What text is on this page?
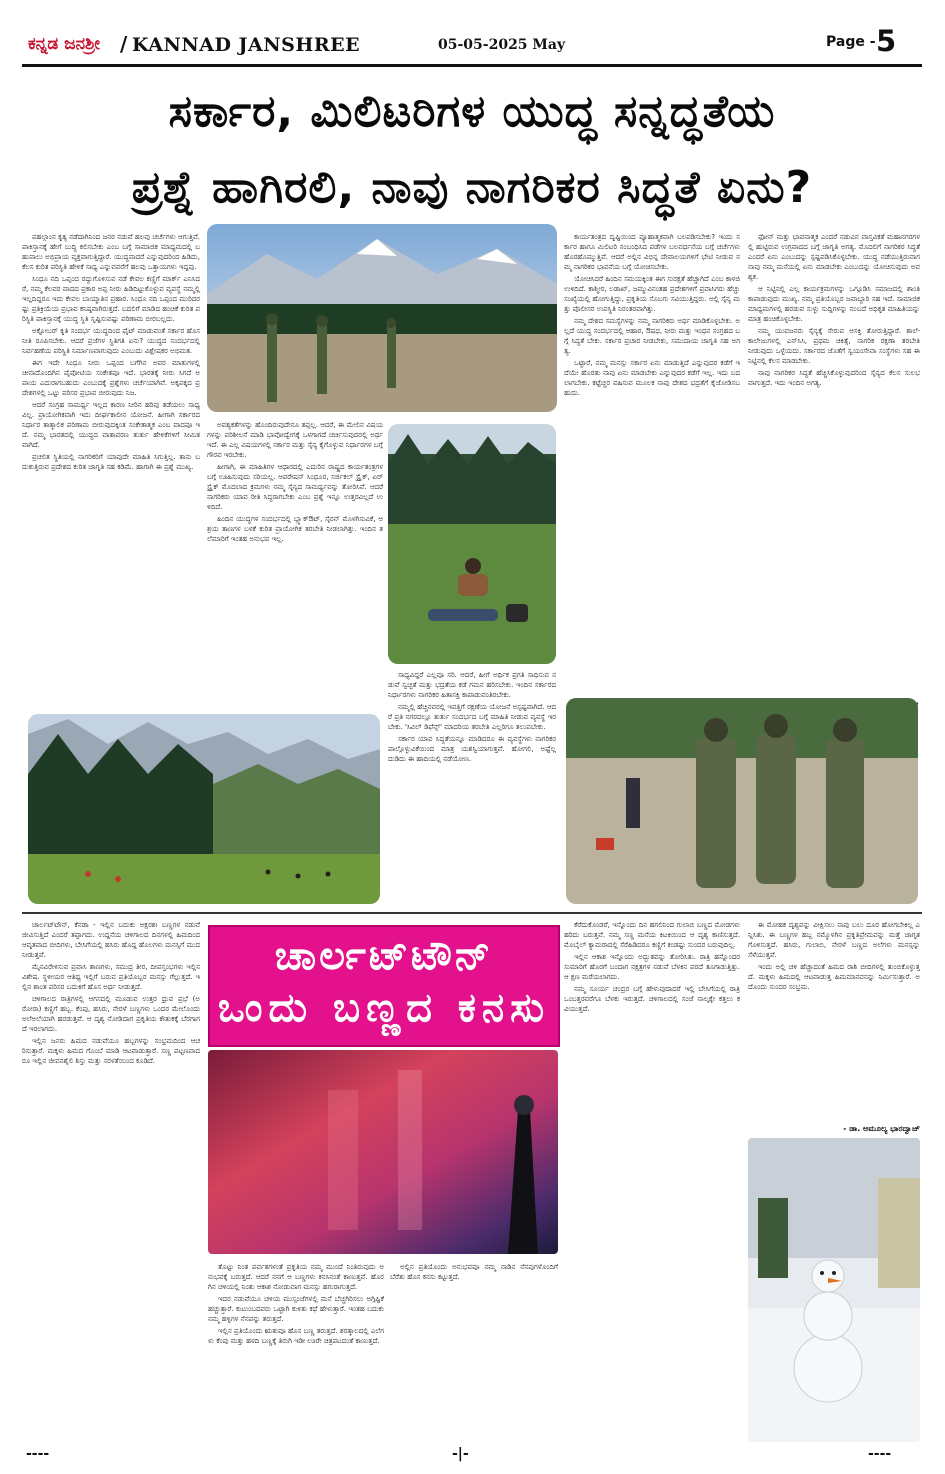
ಕನ್ನಡ ಜನಶ್ರೀ / KANNAD JANSHREE	05-05-2025 May	Page - 5
ಸರ್ಕಾರ, ಮಿಲಿಟರಿಗಳ ಯುದ್ಧ ಸನ್ನದ್ಧತೆಯ
ಪ್ರಶ್ನೆ ಹಾಗಿರಲಿ, ನಾವು ನಾಗರಿಕರ ಸಿದ್ಧತೆ ಏನು?

ಪಹಲ್ಗಾಂನ ಕೃತ್ಯ ನಡೆದಾಗಿನಿಂದ ಜನರ ನಡುವೆ ಹಲವು ಚರ್ಚೆಗಳು ಆಗುತ್ತಿವೆ. ಪಾಕಿಸ್ತಾನಕ್ಕೆ ಹೇಗೆ ಬುದ್ಧಿ ಕಲಿಸಬೇಕು ಎಂಬ ಬಗ್ಗೆ ಸಾಮಾಜಿಕ ಮಾಧ್ಯಮದಲ್ಲಿ ಬಹುಪಾಲು ಅಭಿಪ್ರಾಯ ವ್ಯಕ್ತವಾಗುತ್ತಿದ್ದಾರೆ. ಯುದ್ಧವಾದರೆ ಎನ್ನುವುದರಿಂದ ಹಿಡಿದು, ಕೆಲಸ ಕುರಿತ ಪರಿಸ್ಥಿತಿ ಹೇಳಿಕೆ ಸಾಧ್ಯ ಎನ್ನುವವರೆಗೆ ಹಲವು ಒತ್ತಾಯಗಳು ಇದ್ದವು.

ಸಿಂಧೂ ನದಿ ಒಪ್ಪಂದ ರದ್ದುಗೊಳಿಸುವ ನಡೆ ಕೇವಲ ಕಣ್ಣಿಗೆ ಮಾರ್ಕ್ ಎನಿಸಿದರೆ, ನಮ್ಮ ಕೆಲವರ ವಾದದ ಪ್ರಕಾರ ಅಪ್ಪ ನೀರು ಹಿಡಿದಿಟ್ಟುಕೊಳ್ಳುವ ವ್ಯವಸ್ಥೆ ನಮ್ಮಲ್ಲಿ ಇಲ್ಲದಿದ್ದರೂ ಇದು ಕೇವಲ ಬಾಯ್ಮಾತಿನ ಪ್ರಹಾರ. ಸಿಂಧೂ ನದಿ ಒಪ್ಪಂದ ಮುರಿದರಷ್ಟು ಪ್ರತಿಕ್ರಿಯೆಯ ಪ್ರಭಾವ ಕನಿಷ್ಠವಾಗಿರುತ್ತದೆ. ಬದಲಿಗೆ ಮಾಡಿದ ಹಂಚಿಕೆ ಕುರಿತ ಪರಿಸ್ಥಿತಿ ಪಾಕಿಸ್ತಾನಕ್ಕೆ ಯುದ್ಧ ಸ್ಥಿತಿ ಸೃಷ್ಟಿಸುವಷ್ಟು ಪರಿಣಾಮ ಬೀರಬಲ್ಲದು.

ಅಕ್ಟೋಬರ್ ಕೃತಿ ಸಂದರ್ಭ ಯುದ್ಧದಿಂದ ಫೈಟ್ ಮಾಡುವಂತೆ ಸರ್ಕಾರ ಹೊಸ ನೀತಿ ರೂಪಿಸಬೇಕು. ಆದರೆ ಪ್ರಜೆಗಳ ಸ್ಥಿತಿಗತಿ ಏನು? ಯುದ್ಧದ ಸಂದರ್ಭದಲ್ಲಿ ನಿರ್ವಹಣೆಯ ಪರಿಸ್ಥಿತಿ ನಿರ್ಮಾಣವಾಗುವುದು ಎಂಬುದು ವಿಶ್ಲೇಷಕರ ಅಭಿಮತ.

ಈಗ ಇದೇ ಸಿಂಧೂ ನೀರು ಒಪ್ಪಂದ ಬಗೆಗಿನ ಅವರ ಮಾತುಗಳಲ್ಲಿ ಚೀನಾದೊಂದಿಗಿನ ಪೈಪೋಟಿಯ ಸಂಕೇತವೂ ಇದೆ. ಭಾರತಕ್ಕೆ ನೀರು ಸಿಗದೆ ಅಪಾಯ ಎದುರಾಗಬಹುದು ಎಂಬುದಕ್ಕೆ ಪ್ರಶ್ನೆಗಳು ಚರ್ಚೆಯಾಗಿವೆ. ಅಕ್ಕಪಕ್ಕದ ಪ್ರದೇಶಗಳಲ್ಲಿ ಒಟ್ಟು ಪರಿಸರ ಪ್ರಭಾವ ಬೀರುವುದು ನಿಜ.

ಆದರೆ ಸಂಗ್ರಹ ಸಾಮರ್ಥ್ಯ ಇಲ್ಲದ ಕಾರಣ ನೀರಿನ ಹರಿವು ತಡೆಯಲು ಸಾಧ್ಯವಿಲ್ಲ. ಪ್ರಾಯೋಗಿಕವಾಗಿ ಇದು ದೀರ್ಘಕಾಲೀನ ಯೋಜನೆ. ಹೀಗಾಗಿ ಸರ್ಕಾರದ ನಿರ್ಧಾರ ತಾತ್ಕಾಲಿಕ ಪರಿಣಾಮ ಬೀರುವುದಕ್ಕಿಂತ ಸಂಕೇತಾತ್ಮಕ ಎಂಬ ವಾದವೂ ಇದೆ. ನಮ್ಮ ಭಾರತದಲ್ಲಿ ಯುದ್ಧದ ವಾತಾವರಣ ತುರ್ತು ಹೇಳಿಕೆಗಳಿಗೆ ಸೀಮಿತವಾಗಿದೆ.

ಪ್ರಚಲಿತ ಸ್ಥಿತಿಯಲ್ಲಿ ನಾಗರಿಕರಿಗೆ ಯಾವುದೇ ಮಾಹಿತಿ ಸಿಗುತ್ತಿಲ್ಲ. ತಾನು ಬದುಕುತ್ತಿರುವ ಪ್ರದೇಶದ ಕುರಿತ ಜಾಗೃತಿ ಸಹ ಕಡಿಮೆ. ಹಾಗಾಗಿ ಈ ಪ್ರಶ್ನೆ ಮುಖ್ಯ.

ಕಾರ್ಯತಂತ್ರದ ದೃಷ್ಟಿಯಿಂದ ವ್ಯೂಹಾತ್ಮಕವಾಗಿ ಬಲಪಡಿಸಬೇಕು? ಇಂದು ಸರ್ಕಾರ ಹಾಗೂ ಮಿಲಿಟರಿ ಸಂಬಂಧಿಸಿದ ಪಡೆಗಳ ಬಲವರ್ಧನೆಯ ಬಗ್ಗೆ ಚರ್ಚೆಗಳು ಹೊರಹೊಮ್ಮುತ್ತಿವೆ. ಆದರೆ ಅಲ್ಲಿನ ವಿಭಿನ್ನ ದೇವಾಲಯಗಳಿಗೆ ಭೇಟಿ ನೀಡುವ ನಮ್ಮ ನಾಗರಿಕರ ಭಾವನೆಯ ಬಗ್ಗೆ ಯೋಚಿಸಬೇಕು.

ಯೋಚಿಸಿದರೆ ಹಿಂದಿನ ಸಮಯಕ್ಕಿಂತ ಈಗ ಸುರಕ್ಷತೆ ಹೆಚ್ಚಾಗಿದೆ ಎಂಬ ಕಾಳಜಿ ಉಳಿದಿದೆ. ಕಾಶ್ಮೀರ, ಲಡಾಖ್, ಜಮ್ಮುವಿನಂತಹ ಪ್ರದೇಶಗಳಿಗೆ ಪ್ರವಾಸಿಗರು ಹೆಚ್ಚು ಸಂಖ್ಯೆಯಲ್ಲಿ ಹೋಗುತ್ತಿದ್ದು, ಪ್ರಕೃತಿಯ ಸೊಬಗು ಸವಿಯುತ್ತಿದ್ದರು. ಅಲ್ಲಿ ಸೈನ್ಯ ಮತ್ತು ಪೊಲೀಸರ ಉಪಸ್ಥಿತಿ ನಿರಂತರವಾಗಿತ್ತು.

ನಮ್ಮ ದೇಶದ ಸಮಸ್ಯೆಗಳನ್ನು ನಮ್ಮ ನಾಗರಿಕರು ಅರ್ಥ ಮಾಡಿಕೊಳ್ಳಬೇಕು. ಅಲ್ಲದೆ ಯುದ್ಧ ಸಂದರ್ಭದಲ್ಲಿ ಆಹಾರ, ಔಷಧ, ನೀರು ಮತ್ತು ಇಂಧನ ಸಂಗ್ರಹದ ಬಗ್ಗೆ ಸಿದ್ಧತೆ ಬೇಕು. ಸರ್ಕಾರ ಪ್ರಚಾರ ನೀಡಬೇಕು, ಸಮುದಾಯ ಜಾಗೃತಿ ಸಹ ಅಗತ್ಯ.

ಒಟ್ಟಾರೆ, ನಮ್ಮ ಮನಸ್ಸು ಸರ್ಕಾರ ಏನು ಮಾಡುತ್ತಿದೆ ಎನ್ನುವುದರ ಕಡೆಗೆ ಇದೆಯೇ ಹೊರತು ನಾವು ಏನು ಮಾಡಬೇಕು ಎನ್ನುವುದರ ಕಡೆಗೆ ಇಲ್ಲ. ಇದು ಬದಲಾಗಬೇಕು. ಕಟ್ಟೆಚ್ಚರ ವಹಿಸುವ ಮೂಲಕ ನಾವು ದೇಶದ ಭದ್ರತೆಗೆ ಕೈಜೋಡಿಸಬಹುದು.

ಫೋನ್ ಮತ್ತು ಭಾವನಾತ್ಮಕ ಎಂದರೆ ನಡುವಿನ ವಾಸ್ತವಿಕತೆ ಮಹಾನಗರಗಳಲ್ಲಿ ಹುಟ್ಟಿರುವ ಉಗ್ರವಾದದ ಬಗ್ಗೆ ಜಾಗೃತಿ ಅಗತ್ಯ. ಮೊದಲಿಗೆ ನಾಗರಿಕರ ಸಿದ್ಧತೆ ಎಂದರೆ ಏನು ಎಂಬುದನ್ನು ಸ್ಪಷ್ಟಪಡಿಸಿಕೊಳ್ಳಬೇಕು. ಯುದ್ಧ ನಡೆಯುತ್ತಿರುವಾಗ ನಾವು ನಮ್ಮ ಮನೆಯಲ್ಲಿ ಏನು ಮಾಡಬೇಕು ಎಂಬುದನ್ನು ಯೋಚಿಸುವುದು ಅವಶ್ಯಕ.

ಆ ನಿಟ್ಟಿನಲ್ಲಿ ಎಲ್ಲ ಕಾರ್ಯಕ್ರಮಗಳನ್ನು ಒಗ್ಗೂಡಿಸಿ ಸಮಾಜದಲ್ಲಿ ಶಾಂತಿ ಕಾಪಾಡುವುದು ಮುಖ್ಯ. ನಮ್ಮ ಪ್ರತಿಯೊಬ್ಬರ ಜವಾಬ್ದಾರಿ ಸಹ ಇದೆ. ಸಾಮಾಜಿಕ ಮಾಧ್ಯಮಗಳಲ್ಲಿ ಹರಡುವ ಸುಳ್ಳು ಸುದ್ದಿಗಳನ್ನು ನಂಬದೆ ಅಧಿಕೃತ ಮಾಹಿತಿಯನ್ನು ಮಾತ್ರ ಹಂಚಿಕೊಳ್ಳಬೇಕು.

ನಮ್ಮ ಯುವಜನರು ಸೈನ್ಯಕ್ಕೆ ಸೇರುವ ಆಸಕ್ತಿ ತೋರುತ್ತಿದ್ದಾರೆ. ಶಾಲೆ-ಕಾಲೇಜುಗಳಲ್ಲಿ ಎನ್‌ಸಿಸಿ, ಪ್ರಥಮ ಚಿಕಿತ್ಸೆ, ನಾಗರಿಕ ರಕ್ಷಣಾ ತರಬೇತಿ ನೀಡುವುದು ಒಳ್ಳೆಯದು. ಸರ್ಕಾರದ ಜೊತೆಗೆ ಸ್ವಯಂಸೇವಾ ಸಂಸ್ಥೆಗಳು ಸಹ ಈ ನಿಟ್ಟಿನಲ್ಲಿ ಕೆಲಸ ಮಾಡಬೇಕು.

ನಾವು ನಾಗರಿಕರ ಸಿದ್ಧತೆ ಹೆಚ್ಚಿಸಿಕೊಳ್ಳುವುದರಿಂದ ಸೈನ್ಯದ ಕೆಲಸ ಸುಲಭವಾಗುತ್ತದೆ. ಇದು ಇಂದಿನ ಅಗತ್ಯ.

ಅವಶ್ಯಕತೆಗಳನ್ನು ಹೊಂದಿರುವುದೇನೂ ತಪ್ಪಲ್ಲ. ಆದರೆ, ಈ ಮೇಲಿನ ವಿಷಯಗಳನ್ನು ಪರಿಶೀಲನೆ ಮಾಡಿ ಭಾವೋದ್ವೇಗಕ್ಕೆ ಒಳಗಾಗದೆ ಚರ್ಚಿಸುವುದರಲ್ಲಿ ಅರ್ಥ ಇದೆ. ಈ ಎಲ್ಲ ವಿಷಯಗಳಲ್ಲಿ ಸರ್ಕಾರ ಮತ್ತು ಸೈನ್ಯ ಕೈಗೊಳ್ಳುವ ನಿರ್ಧಾರಗಳ ಬಗ್ಗೆ ಗೌರವ ಇರಬೇಕು.

ಹೀಗಾಗಿ, ಈ ಮಾಹಿತಿಗಳ ಆಧಾರದಲ್ಲಿ ಎದುರಿನ ರಾಷ್ಟ್ರದ ಕಾರ್ಯತಂತ್ರಗಳ ಬಗ್ಗೆ ಊಹಿಸುವುದು ಸರಿಯಲ್ಲ. ಆಪರೇಷನ್ ಸಿಂಧೂರ, ಸರ್ಜಿಕಲ್ ಸ್ಟ್ರೈಕ್, ಏರ್ ಸ್ಟ್ರೈಕ್ ಮೊದಲಾದ ಕ್ರಮಗಳು ನಮ್ಮ ಸೈನ್ಯದ ಸಾಮರ್ಥ್ಯವನ್ನು ತೋರಿಸಿವೆ. ಆದರೆ ನಾಗರಿಕರು ಯಾವ ರೀತಿ ಸಿದ್ಧರಾಗಬೇಕು ಎಂಬ ಪ್ರಶ್ನೆ ಇನ್ನೂ ಉತ್ತರವಿಲ್ಲದೆ ಉಳಿದಿದೆ.

ಹಿಂದಿನ ಯುದ್ಧಗಳ ಸಂದರ್ಭದಲ್ಲಿ ಬ್ಲ್ಯಾಕ್‌ಔಟ್, ಸೈರನ್ ಮೊಳಗಿಸುವಿಕೆ, ಆಶ್ರಯ ತಾಣಗಳ ಬಳಕೆ ಕುರಿತ ಪ್ರಾಯೋಗಿಕ ತರಬೇತಿ ನೀಡಲಾಗಿತ್ತು. ಇಂದಿನ ತಲೆಮಾರಿಗೆ ಇಂತಹ ಅನುಭವ ಇಲ್ಲ.

ಸಾಧ್ಯವಿದ್ದರೆ ಎಲ್ಲವೂ ಸರಿ. ಆದರೆ, ಹೀಗೆ ಅರ್ಥಿಕ ಪ್ರಗತಿ ಸಾಧಿಸುವ ನಡುವೆ ಸ್ವಚ್ಛತೆ ಮತ್ತು ಭದ್ರತೆಯ ಕಡೆ ಗಮನ ಹರಿಸಬೇಕು. ಇಂದಿನ ಸರ್ಕಾರದ ನಿರ್ಧಾರಗಳು ನಾಗರಿಕರ ಹಿತಾಸಕ್ತಿ ಕಾಪಾಡುವಂತಿರಬೇಕು.

ನಮ್ಮಲ್ಲಿ ಹೆಚ್ಚಿನವರಲ್ಲಿ ಇವತ್ತಿಗೆ ರಕ್ಷಣೆಯ ಯೋಜನೆ ಅಸ್ಪಷ್ಟವಾಗಿದೆ. ಆದರೆ ಪ್ರತಿ ನಗರದಲ್ಲೂ ತುರ್ತು ಸಂದರ್ಭದ ಬಗ್ಗೆ ಮಾಹಿತಿ ನೀಡುವ ವ್ಯವಸ್ಥೆ ಇರಬೇಕು. 'ಸಿವಿಲ್ ಡಿಫೆನ್ಸ್' ಮಾದರಿಯ ತರಬೇತಿ ಎಲ್ಲರಿಗೂ ತಲುಪಬೇಕು.

ಸರ್ಕಾರ ಯಾವ ಸಿದ್ಧತೆಯನ್ನೂ ಮಾಡಿದರೂ ಈ ವ್ಯವಸ್ಥೆಗಳು ನಾಗರಿಕರ ಪಾಲ್ಗೊಳ್ಳುವಿಕೆಯಿಂದ ಮಾತ್ರ ಯಶಸ್ವಿಯಾಗುತ್ತವೆ. ಹೋಗಲಿ, ಅಷ್ಟೆಲ್ಲ ದುಡಿದು ಈ ಹಾದಿಯಲ್ಲಿ ನಡೆಯೋಣ.

ಚಾರ್ಲಟ್‌ಟೌನ್, ಕೆನಡಾ - ಇಲ್ಲಿನ ಬದುಕು ಅಕ್ಷರಶಃ ಬಣ್ಣಗಳ ನಡುವೆ ಜೀವಿಸುತ್ತಿದೆ ಎಂದರೆ ತಪ್ಪಾಗದು. ಉದ್ದನೆಯ ಚಳಿಗಾಲದ ದಿನಗಳಲ್ಲಿ ಹಿಮದಿಂದ ಆವೃತವಾದ ಬೀದಿಗಳು, ಬೇಸಿಗೆಯಲ್ಲಿ ಹಸಿರು ಹೊದ್ದ ಹೊಲಗಳು ಮನಸ್ಸಿಗೆ ಮುದ ನೀಡುತ್ತವೆ.

ಮೈನವಿರೇಳಿಸುವ ಪ್ರವಾಸಿ ತಾಣಗಳು, ಸಮುದ್ರ ತೀರ, ದೀಪಸ್ತಂಭಗಳು ಇಲ್ಲಿನ ವಿಶೇಷ. ಸ್ಥಳೀಯರ ಆತಿಥ್ಯ ಇಲ್ಲಿಗೆ ಬರುವ ಪ್ರತಿಯೊಬ್ಬರ ಮನಸ್ಸು ಗೆಲ್ಲುತ್ತದೆ. ಇಲ್ಲಿನ ಶಾಂತ ಪರಿಸರ ಬದುಕಿಗೆ ಹೊಸ ಅರ್ಥ ನೀಡುತ್ತದೆ.

ಚಳಿಗಾಲದ ರಾತ್ರಿಗಳಲ್ಲಿ ಆಗಸದಲ್ಲಿ ಮೂಡುವ ಉತ್ತರ ಧ್ರುವ ಪ್ರಭೆ (ಅರೋರಾ) ಕಣ್ಣಿಗೆ ಹಬ್ಬ. ಕೆಂಪು, ಹಸಿರು, ನೇರಳೆ ಬಣ್ಣಗಳು ಒಂದರ ಮೇಲೊಂದು ಅಲೆಅಲೆಯಾಗಿ ಹರಡುತ್ತವೆ. ಆ ದೃಶ್ಯ ನೋಡಿದಾಗ ಪ್ರಕೃತಿಯ ಕೌತುಕಕ್ಕೆ ಬೆರಗಾಗದೆ ಇರಲಾಗದು.

ಇಲ್ಲಿನ ಜನರು ಹಿಮದ ನಡುವೆಯೂ ಹಬ್ಬಗಳನ್ನು ಸಂಭ್ರಮದಿಂದ ಆಚರಿಸುತ್ತಾರೆ. ಮಕ್ಕಳು ಹಿಮದ ಗೊಂಬೆ ಮಾಡಿ ಆಟವಾಡುತ್ತಾರೆ. ಸಣ್ಣ ಪಟ್ಟಣವಾದರೂ ಇಲ್ಲಿನ ಜೀವನಶೈಲಿ ಶಿಸ್ತು ಮತ್ತು ಸರಳತೆಯಿಂದ ಕೂಡಿದೆ.

ಚಾರ್ಲಟ್‌ಟೌನ್
ಒಂದು ಬಣ್ಣದ ಕನಸು

ತೊಟ್ಟು ನಿಂತ ಪರ್ವತಗಳಂತೆ ಪ್ರಕೃತಿಯ ನಮ್ಮ ಮುಂದೆ ನಿಂತಿರುವುದು ಅನುಭವಕ್ಕೆ ಬರುತ್ತದೆ. ಆದರೆ ನನಗೆ ಆ ಬಣ್ಣಗಳು ಕನಸಿನಂತೆ ಕಾಣುತ್ತವೆ. ಹೊರಗಿನ ಚಳಿಯಲ್ಲಿ ನಿಂತು ಆಕಾಶ ನೋಡುವಾಗ ಮನಸ್ಸು ಹಗುರಾಗುತ್ತದೆ.

ಇದರ ನಡುವೆಯೂ ಚಳಿಯ ಮುಸ್ಸಂಜೆಗಳಲ್ಲಿ ಮನೆ ಬೆಚ್ಚಗಿರಿಸಲು ಅಗ್ಗಿಷ್ಟಿಕೆ ಹಚ್ಚುತ್ತಾರೆ. ಕುಟುಂಬದವರು ಒಟ್ಟಾಗಿ ಕುಳಿತು ಕಥೆ ಹೇಳುತ್ತಾರೆ. ಇಂತಹ ಬದುಕು ನಮ್ಮ ಹಳ್ಳಿಗಳ ನೆನಪನ್ನು ತರುತ್ತದೆ.

ಇಲ್ಲಿನ ಪ್ರತಿಯೊಂದು ಋತುವೂ ಹೊಸ ಬಣ್ಣ ತರುತ್ತದೆ. ಶರತ್ಕಾಲದಲ್ಲಿ ಎಲೆಗಳು ಕೆಂಪು ಮತ್ತು ಹಳದಿ ಬಣ್ಣಕ್ಕೆ ತಿರುಗಿ ಇಡೀ ಊರೇ ಚಿತ್ರಪಟದಂತೆ ಕಾಣುತ್ತದೆ.

ಅಲ್ಲಿನ ಪ್ರತಿಯೊಂದು ಅನುಭವವೂ ನಮ್ಮ ನಾಡಿನ ನೆನಪುಗಳೊಂದಿಗೆ ಬೆರೆತು ಹೊಸ ಕನಸು ಕಟ್ಟುತ್ತದೆ.

ಕೆರೆದುಕೊಂಡರೆ, ಇನ್ನೊಂದು ದಿನ ಹಗಲಿನಿಂದ ಗುಲಾಬಿ ಬಣ್ಣದ ಮೋಡಗಳು ಹರಿದು ಬರುತ್ತವೆ. ನಮ್ಮ ಸಣ್ಣ ಮನೆಯ ಕಿಟಕಿಯಿಂದ ಆ ದೃಶ್ಯ ಕಾಣಿಸುತ್ತದೆ. ಮೊಬೈಲ್ ಕ್ಯಾಮರಾದಲ್ಲಿ ಸೆರೆಹಿಡಿದರೂ ಕಣ್ಣಿಗೆ ಕಂಡಷ್ಟು ಸುಂದರ ಬರುವುದಿಲ್ಲ.

ಇಲ್ಲಿನ ಆಕಾಶ ಇನ್ನೊಂದು ಅದ್ಭುತವನ್ನು ತೋರಿಸಿತು. ರಾತ್ರಿ ಹನ್ನೊಂದರ ಸುಮಾರಿಗೆ ಹೊರಗೆ ಬಂದಾಗ ನಕ್ಷತ್ರಗಳ ನಡುವೆ ಬೆಳಕಿನ ಪರದೆ ತೂಗಾಡುತ್ತಿತ್ತು. ಆ ಕ್ಷಣ ಮರೆಯಲಾಗದು.

ನಮ್ಮ ಸೂರ್ಯ ಚಂದ್ರರ ಬಗ್ಗೆ ಹೇಳುವುದಾದರೆ ಇಲ್ಲಿ ಬೇಸಿಗೆಯಲ್ಲಿ ರಾತ್ರಿ ಒಂಬತ್ತರವರೆಗೂ ಬೆಳಕು ಇರುತ್ತದೆ. ಚಳಿಗಾಲದಲ್ಲಿ ಸಂಜೆ ನಾಲ್ಕಕ್ಕೇ ಕತ್ತಲು ಕವಿಯುತ್ತದೆ.

ಈ ಮೋಹಕ ದೃಶ್ಯವನ್ನು ವೀಕ್ಷಿಸಲು ನಾವು ಬಲು ದೂರ ಹೋಗಬೇಕಿಲ್ಲ ಎನ್ನಿಸಿತು. ಈ ಬಣ್ಣಗಳ ಹಬ್ಬ ನಮ್ಮೊಳಗಿನ ಪ್ರಕೃತಿಪ್ರೇಮವನ್ನು ಮತ್ತೆ ಜಾಗೃತಗೊಳಿಸುತ್ತದೆ. ಹಸಿರು, ಗುಲಾಬಿ, ನೇರಳೆ ಬಣ್ಣದ ಅಲೆಗಳು ಮನಸ್ಸನ್ನು ಸೆಳೆಯುತ್ತವೆ.

ಇಂದು ಅಲ್ಲಿ ಚಳಿ ಹೆಚ್ಚಾದಂತೆ ಹಿಮದ ರಾಶಿ ಬೀದಿಗಳಲ್ಲಿ ತುಂಬಿಕೊಳ್ಳುತ್ತದೆ. ಮಕ್ಕಳು ಹಿಮದಲ್ಲಿ ಆಟವಾಡುತ್ತ ಹಿಮಮಾನವನನ್ನು ನಿರ್ಮಿಸುತ್ತಾರೆ. ಅದೊಂದು ಸುಂದರ ಸಂಭ್ರಮ.

- ಡಾ. ಅಮೂಲ್ಯ ಭಾರದ್ವಾಜ್
----	-|-	----
